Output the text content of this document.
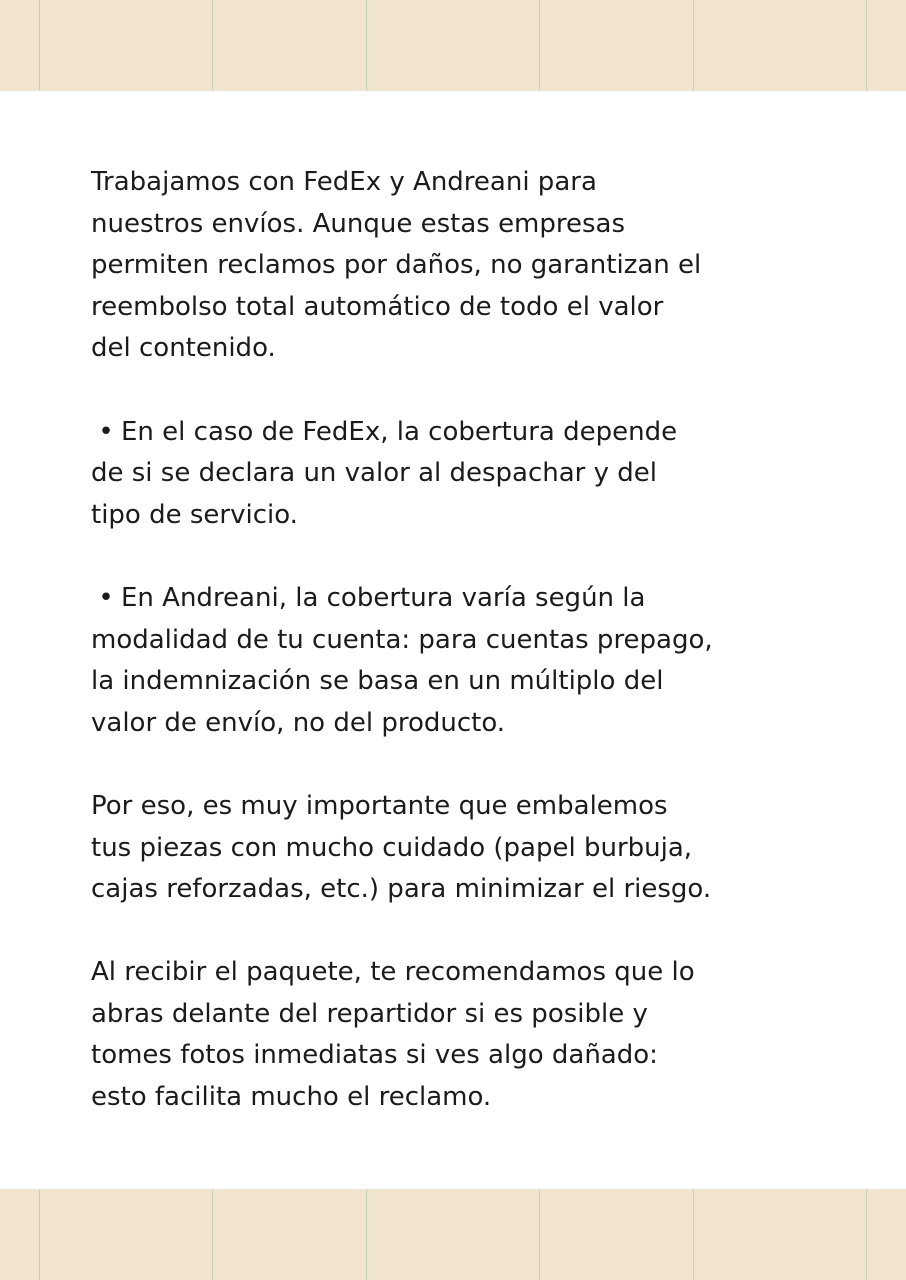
Trabajamos con FedEx y Andreani para
nuestros envíos. Aunque estas empresas
permiten reclamos por daños, no garantizan el
reembolso total automático de todo el valor
del contenido.

• En el caso de FedEx, la cobertura depende
de si se declara un valor al despachar y del
tipo de servicio.

• En Andreani, la cobertura varía según la
modalidad de tu cuenta: para cuentas prepago,
la indemnización se basa en un múltiplo del
valor de envío, no del producto.

Por eso, es muy importante que embalemos
tus piezas con mucho cuidado (papel burbuja,
cajas reforzadas, etc.) para minimizar el riesgo.

Al recibir el paquete, te recomendamos que lo
abras delante del repartidor si es posible y
tomes fotos inmediatas si ves algo dañado:
esto facilita mucho el reclamo.
